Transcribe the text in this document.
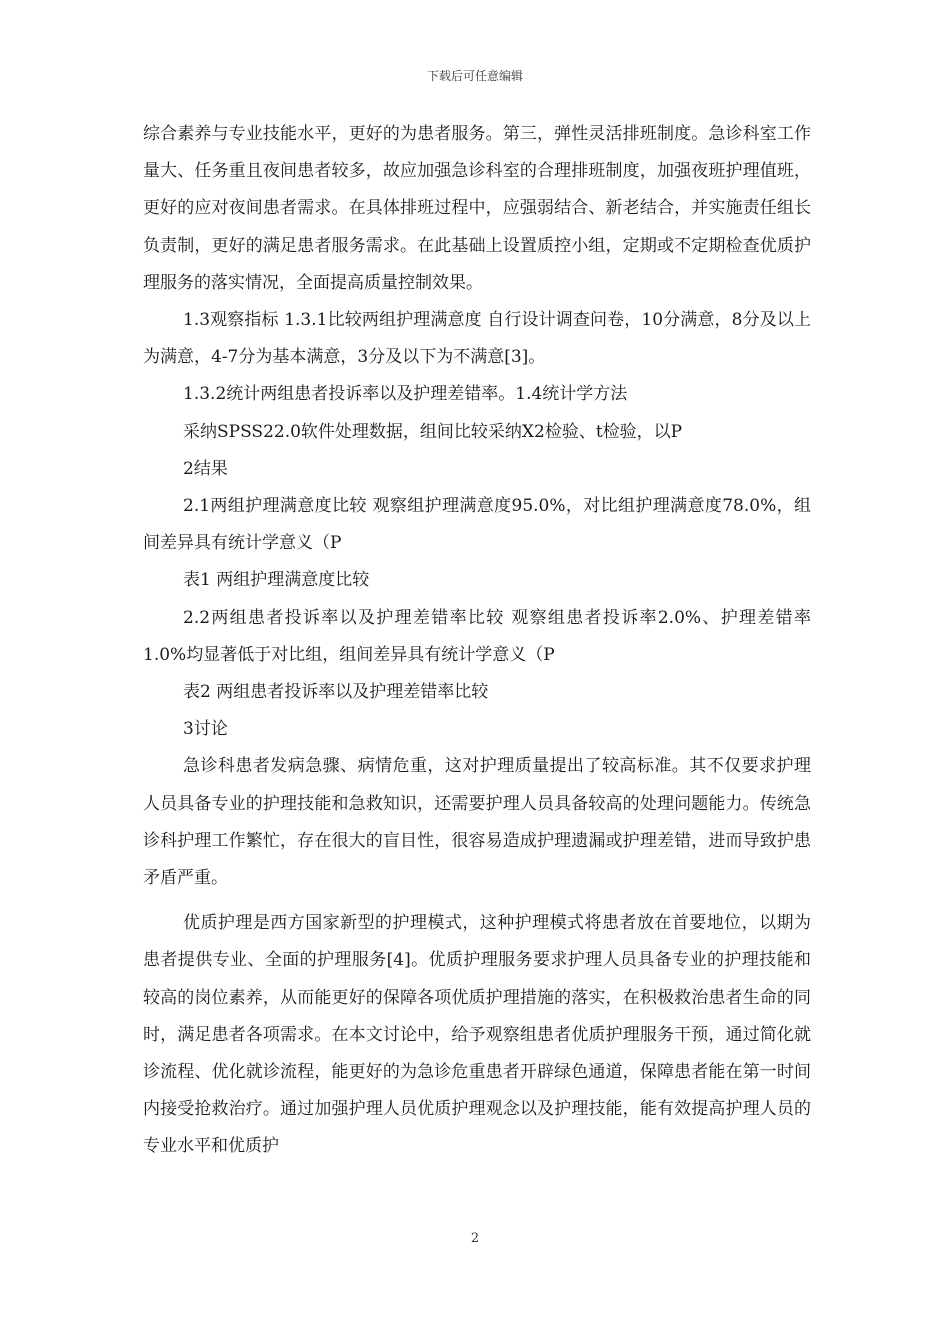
下载后可任意编辑

综合素养与专业技能水平，更好的为患者服务。第三，弹性灵活排班制度。急诊科室工作量大、任务重且夜间患者较多，故应加强急诊科室的合理排班制度，加强夜班护理值班，更好的应对夜间患者需求。在具体排班过程中，应强弱结合、新老结合，并实施责任组长负责制，更好的满足患者服务需求。在此基础上设置质控小组，定期或不定期检查优质护理服务的落实情况，全面提高质量控制效果。

1.3观察指标 1.3.1比较两组护理满意度 自行设计调查问卷，10分满意，8分及以上为满意，4-7分为基本满意，3分及以下为不满意[3]。

1.3.2统计两组患者投诉率以及护理差错率。1.4统计学方法

采纳SPSS22.0软件处理数据，组间比较采纳X2检验、t检验，以P

2结果

2.1两组护理满意度比较 观察组护理满意度95.0%，对比组护理满意度78.0%，组间差异具有统计学意义（P

表1 两组护理满意度比较

2.2两组患者投诉率以及护理差错率比较 观察组患者投诉率2.0%、护理差错率1.0%均显著低于对比组，组间差异具有统计学意义（P

表2 两组患者投诉率以及护理差错率比较

3讨论

急诊科患者发病急骤、病情危重，这对护理质量提出了较高标准。其不仅要求护理人员具备专业的护理技能和急救知识，还需要护理人员具备较高的处理问题能力。传统急诊科护理工作繁忙，存在很大的盲目性，很容易造成护理遗漏或护理差错，进而导致护患矛盾严重。

优质护理是西方国家新型的护理模式，这种护理模式将患者放在首要地位，以期为患者提供专业、全面的护理服务[4]。优质护理服务要求护理人员具备专业的护理技能和较高的岗位素养，从而能更好的保障各项优质护理措施的落实，在积极救治患者生命的同时，满足患者各项需求。在本文讨论中，给予观察组患者优质护理服务干预，通过简化就诊流程、优化就诊流程，能更好的为急诊危重患者开辟绿色通道，保障患者能在第一时间内接受抢救治疗。通过加强护理人员优质护理观念以及护理技能，能有效提高护理人员的专业水平和优质护

2
